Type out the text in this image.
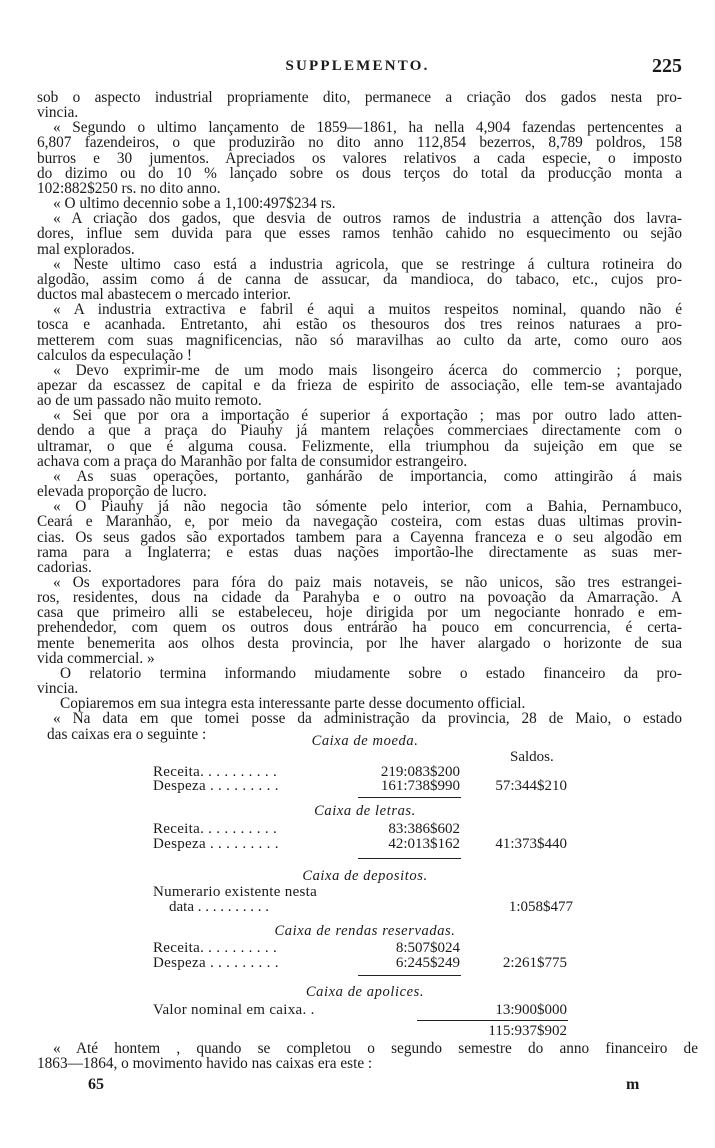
SUPPLEMENTO.	225
sob o aspecto industrial propriamente dito, permanece a criação dos gados nesta pro-
vincia.
« Segundo o ultimo lançamento de 1859—1861, ha nella 4,904 fazendas pertencentes a
6,807 fazendeiros, o que produzirão no dito anno 112,854 bezerros, 8,789 poldros, 158
burros e 30 jumentos. Apreciados os valores relativos a cada especie, o imposto
do dizimo ou do 10 % lançado sobre os dous terços do total da producção monta a
102:882$250 rs. no dito anno.
« O ultimo decennio sobe a 1,100:497$234 rs.
« A criação dos gados, que desvia de outros ramos de industria a attenção dos lavra-
dores, influe sem duvida para que esses ramos tenhão cahido no esquecimento ou sejão
mal explorados.
« Neste ultimo caso está a industria agricola, que se restringe á cultura rotineira do
algodão, assim como á de canna de assucar, da mandioca, do tabaco, etc., cujos pro-
ductos mal abastecem o mercado interior.
« A industria extractiva e fabril é aqui a muitos respeitos nominal, quando não é
tosca e acanhada. Entretanto, ahi estão os thesouros dos tres reinos naturaes a pro-
metterem com suas magnificencias, não só maravilhas ao culto da arte, como ouro aos
calculos da especulação !
« Devo exprimir-me de um modo mais lisongeiro ácerca do commercio ; porque,
apezar da escassez de capital e da frieza de espirito de associação, elle tem-se avantajado
ao de um passado não muito remoto.
« Sei que por ora a importação é superior á exportação ; mas por outro lado atten-
dendo a que a praça do Piauhy já mantem relações commerciaes directamente com o
ultramar, o que é alguma cousa. Felizmente, ella triumphou da sujeição em que se
achava com a praça do Maranhão por falta de consumidor estrangeiro.
« As suas operações, portanto, ganhárão de importancia, como attingirão á mais
elevada proporção de lucro.
« O Piauhy já não negocia tão sómente pelo interior, com a Bahia, Pernambuco,
Ceará e Maranhão, e, por meio da navegação costeira, com estas duas ultimas provin-
cias. Os seus gados são exportados tambem para a Cayenna franceza e o seu algodão em
rama para a Inglaterra; e estas duas nações importão-lhe directamente as suas mer-
cadorias.
« Os exportadores para fóra do paiz mais notaveis, se não unicos, são tres estrangei-
ros, residentes, dous na cidade da Parahyba e o outro na povoação da Amarração. A
casa que primeiro alli se estabeleceu, hoje dirigida por um negociante honrado e em-
prehendedor, com quem os outros dous entrárão ha pouco em concurrencia, é certa-
mente benemerita aos olhos desta provincia, por lhe haver alargado o horizonte de sua
vida commercial. »
O relatorio termina informando miudamente sobre o estado financeiro da pro-
vincia.
Copiaremos em sua integra esta interessante parte desse documento official.
« Na data em que tomei posse da administração da provincia, 28 de Maio, o estado
das caixas era o seguinte :	Caixa de moeda.
Saldos.
Receita. . . . . . . . . .	219:083$200
Despeza . . . . . . . . .	161:738$990 57:344$210
Caixa de letras.
Receita. . . . . . . . . .	83:386$602
Despeza . . . . . . . . .	42:013$162 41:373$440
Caixa de depositos.
Numerario existente nesta
data . . . . . . . . . .	1:058$477
Caixa de rendas reservadas.
Receita. . . . . . . . . .	8:507$024
Despeza . . . . . . . . .	6:245$249	2:261$775
Caixa de apolices.
Valor nominal em caixa. .	13:900$000
115:937$902
« Até hontem , quando se completou o segundo semestre do anno financeiro de
1863—1864, o movimento havido nas caixas era este :
65	m
